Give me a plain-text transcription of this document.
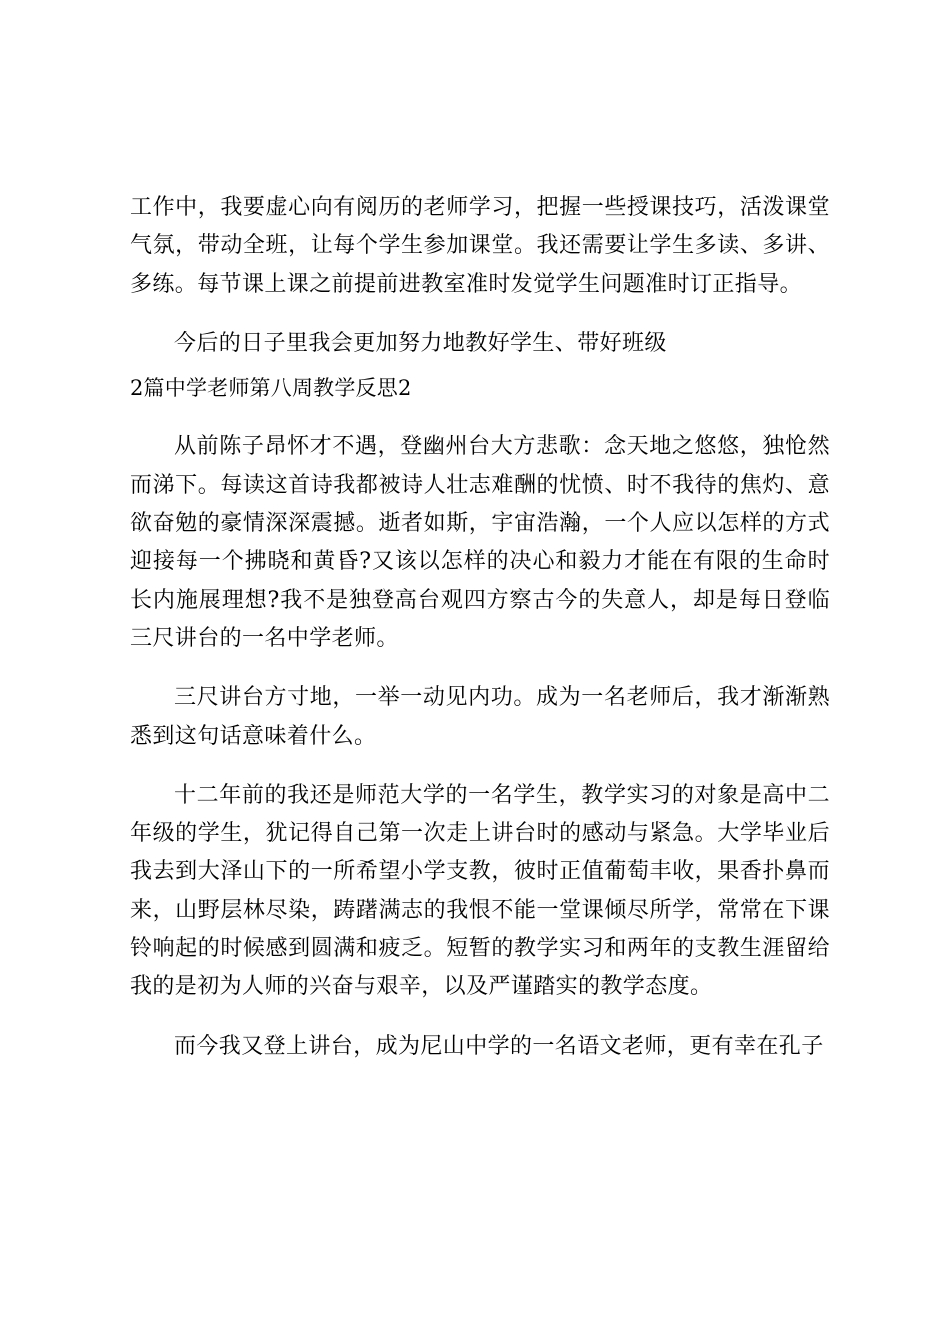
工作中，我要虚心向有阅历的老师学习，把握一些授课技巧，活泼课堂气氛，带动全班，让每个学生参加课堂。我还需要让学生多读、多讲、多练。每节课上课之前提前进教室准时发觉学生问题准时订正指导。

今后的日子里我会更加努力地教好学生、带好班级

2篇中学老师第八周教学反思2

从前陈子昂怀才不遇，登幽州台大方悲歌：念天地之悠悠，独怆然而涕下。每读这首诗我都被诗人壮志难酬的忧愤、时不我待的焦灼、意欲奋勉的豪情深深震撼。逝者如斯，宇宙浩瀚，一个人应以怎样的方式迎接每一个拂晓和黄昏?又该以怎样的决心和毅力才能在有限的生命时长内施展理想?我不是独登高台观四方察古今的失意人，却是每日登临三尺讲台的一名中学老师。

三尺讲台方寸地，一举一动见内功。成为一名老师后，我才渐渐熟悉到这句话意味着什么。

十二年前的我还是师范大学的一名学生，教学实习的对象是高中二年级的学生，犹记得自己第一次走上讲台时的感动与紧急。大学毕业后我去到大泽山下的一所希望小学支教，彼时正值葡萄丰收，果香扑鼻而来，山野层林尽染，踌躇满志的我恨不能一堂课倾尽所学，常常在下课铃响起的时候感到圆满和疲乏。短暂的教学实习和两年的支教生涯留给我的是初为人师的兴奋与艰辛，以及严谨踏实的教学态度。

而今我又登上讲台，成为尼山中学的一名语文老师，更有幸在孔子
